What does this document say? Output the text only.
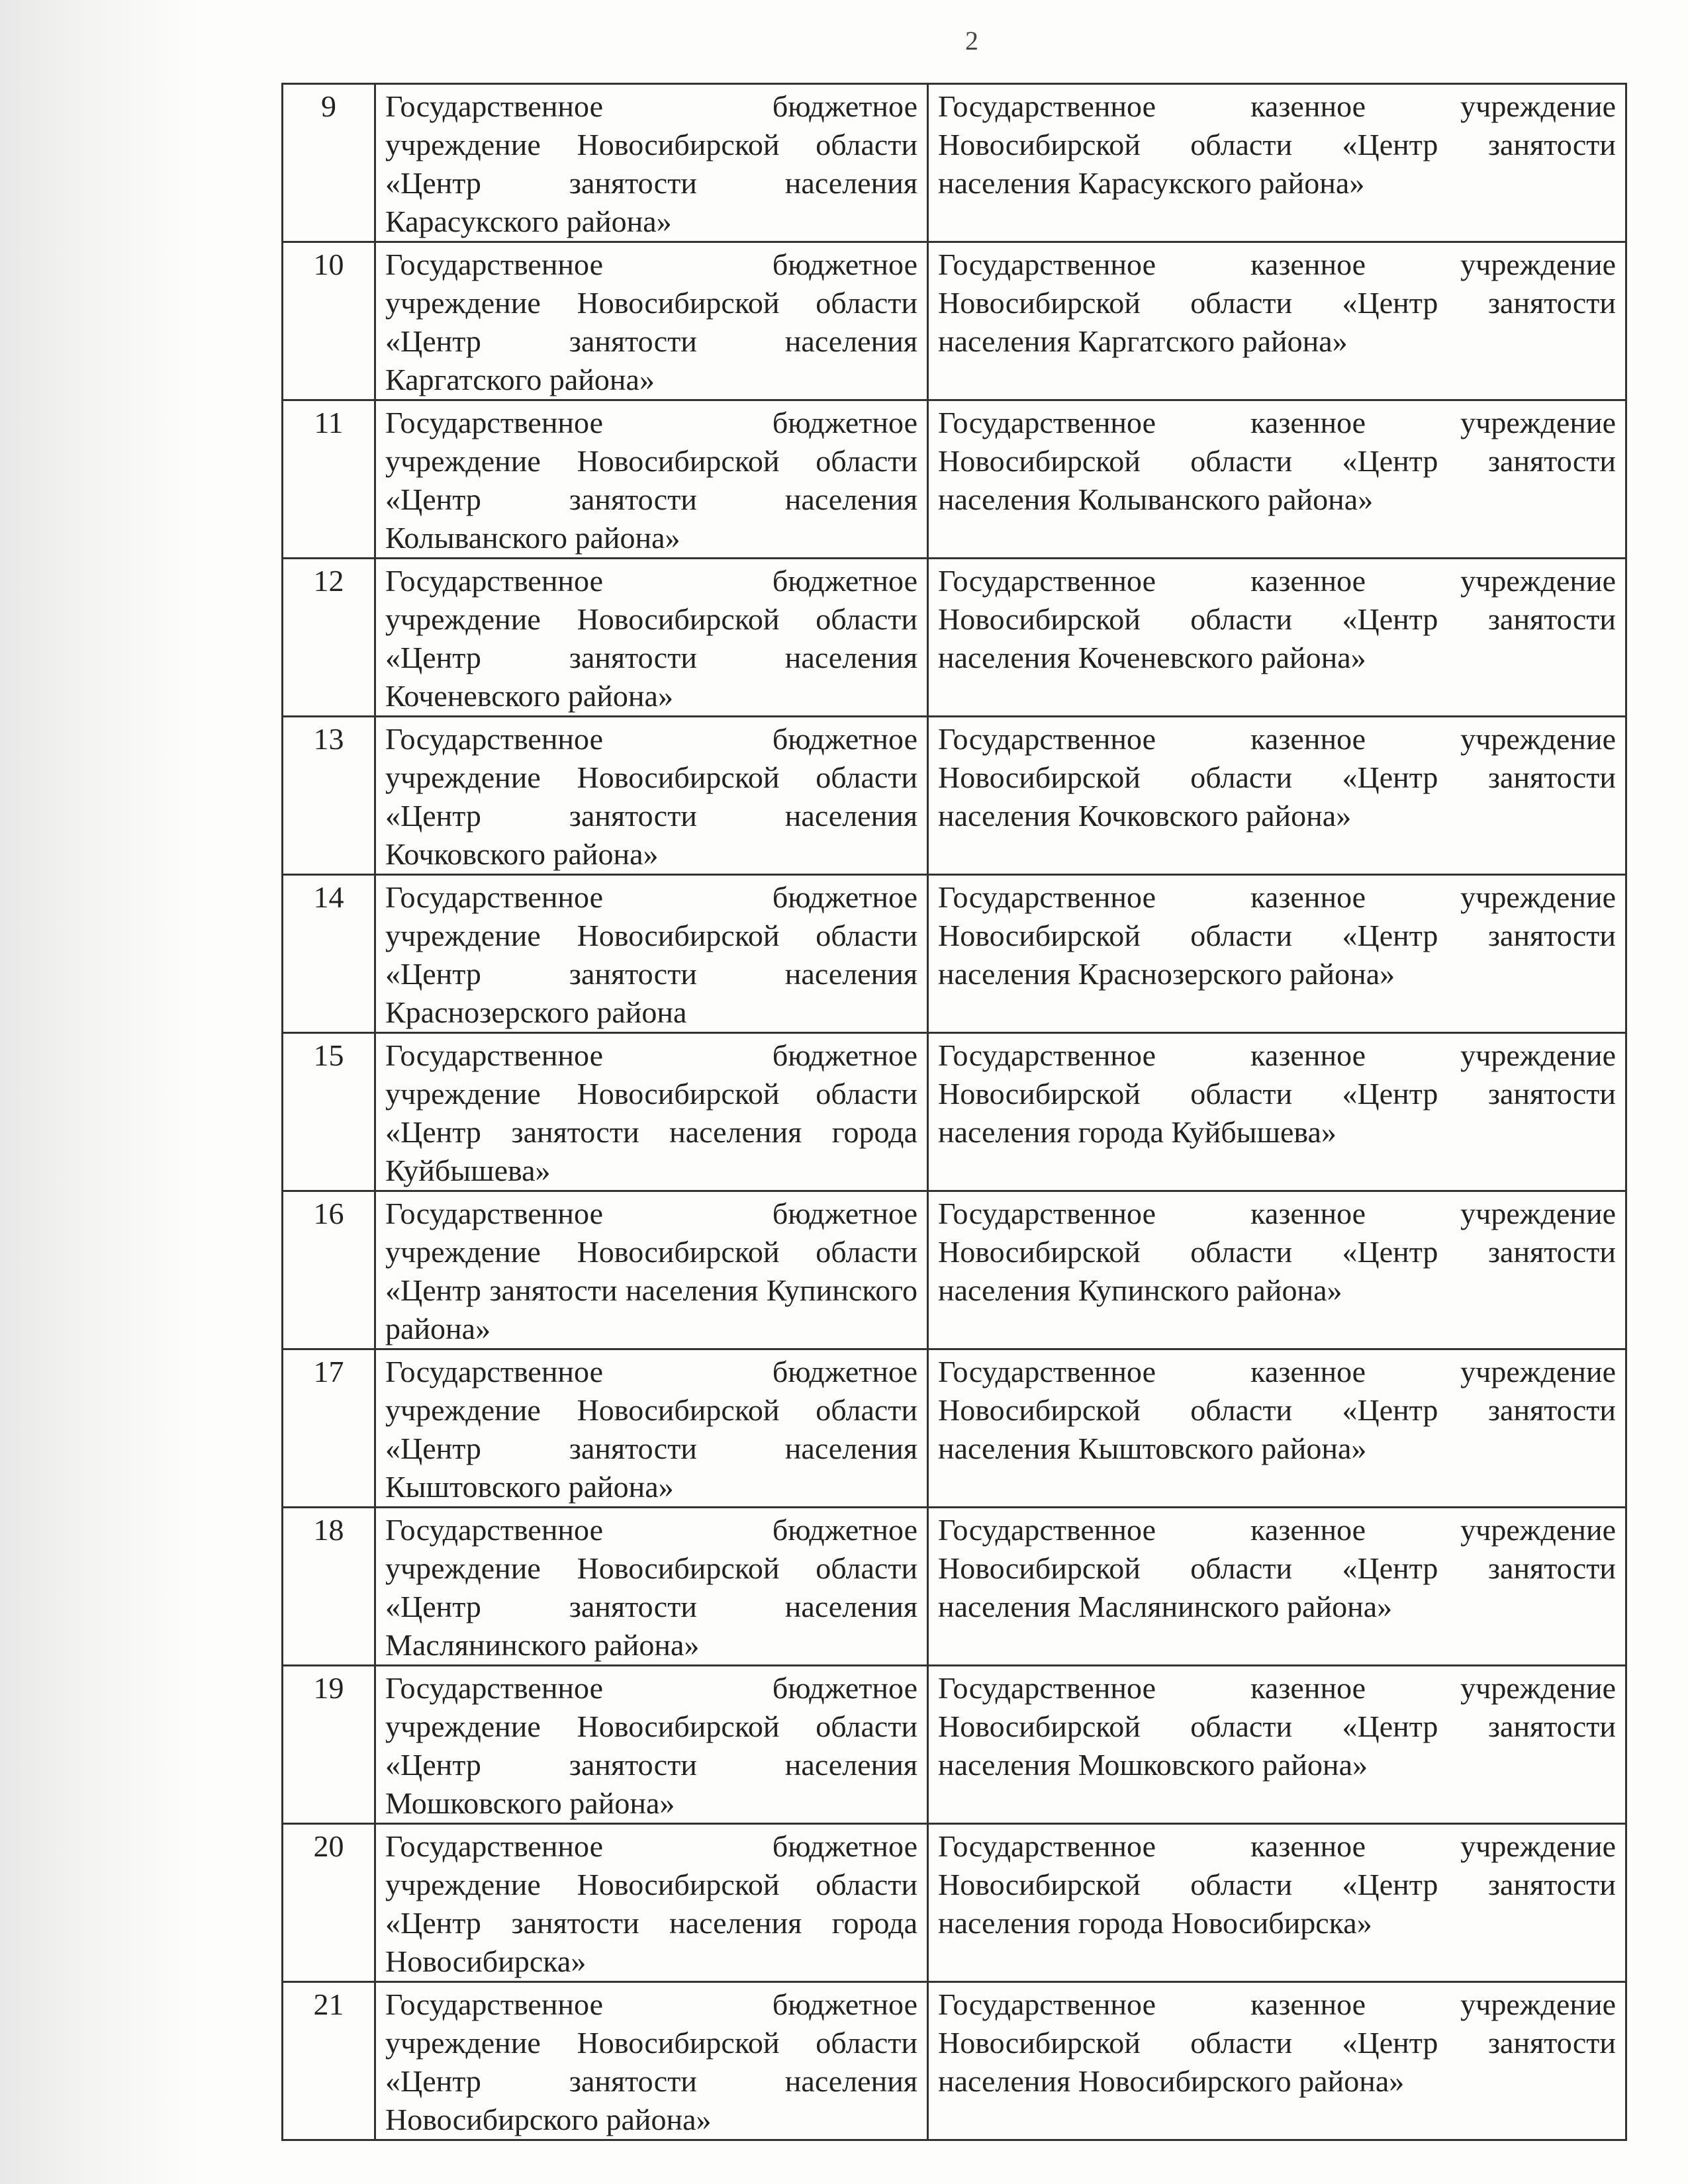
2
9	Государственное бюджетное учреждение Новосибирской области «Центр занятости населения Карасукского района»	Государственное казенное учреждение Новосибирской области «Центр занятости населения Карасукского района»
10	Государственное бюджетное учреждение Новосибирской области «Центр занятости населения Каргатского района»	Государственное казенное учреждение Новосибирской области «Центр занятости населения Каргатского района»
11	Государственное бюджетное учреждение Новосибирской области «Центр занятости населения Колыванского района»	Государственное казенное учреждение Новосибирской области «Центр занятости населения Колыванского района»
12	Государственное бюджетное учреждение Новосибирской области «Центр занятости населения Коченевского района»	Государственное казенное учреждение Новосибирской области «Центр занятости населения Коченевского района»
13	Государственное бюджетное учреждение Новосибирской области «Центр занятости населения Кочковского района»	Государственное казенное учреждение Новосибирской области «Центр занятости населения Кочковского района»
14	Государственное бюджетное учреждение Новосибирской области «Центр занятости населения Краснозерского района	Государственное казенное учреждение Новосибирской области «Центр занятости населения Краснозерского района»
15	Государственное бюджетное учреждение Новосибирской области «Центр занятости населения города Куйбышева»	Государственное казенное учреждение Новосибирской области «Центр занятости населения города Куйбышева»
16	Государственное бюджетное учреждение Новосибирской области «Центр занятости населения Купинского района»	Государственное казенное учреждение Новосибирской области «Центр занятости населения Купинского района»
17	Государственное бюджетное учреждение Новосибирской области «Центр занятости населения Кыштовского района»	Государственное казенное учреждение Новосибирской области «Центр занятости населения Кыштовского района»
18	Государственное бюджетное учреждение Новосибирской области «Центр занятости населения Маслянинского района»	Государственное казенное учреждение Новосибирской области «Центр занятости населения Маслянинского района»
19	Государственное бюджетное учреждение Новосибирской области «Центр занятости населения Мошковского района»	Государственное казенное учреждение Новосибирской области «Центр занятости населения Мошковского района»
20	Государственное бюджетное учреждение Новосибирской области «Центр занятости населения города Новосибирска»	Государственное казенное учреждение Новосибирской области «Центр занятости населения города Новосибирска»
21	Государственное бюджетное учреждение Новосибирской области «Центр занятости населения Новосибирского района»	Государственное казенное учреждение Новосибирской области «Центр занятости населения Новосибирского района»
